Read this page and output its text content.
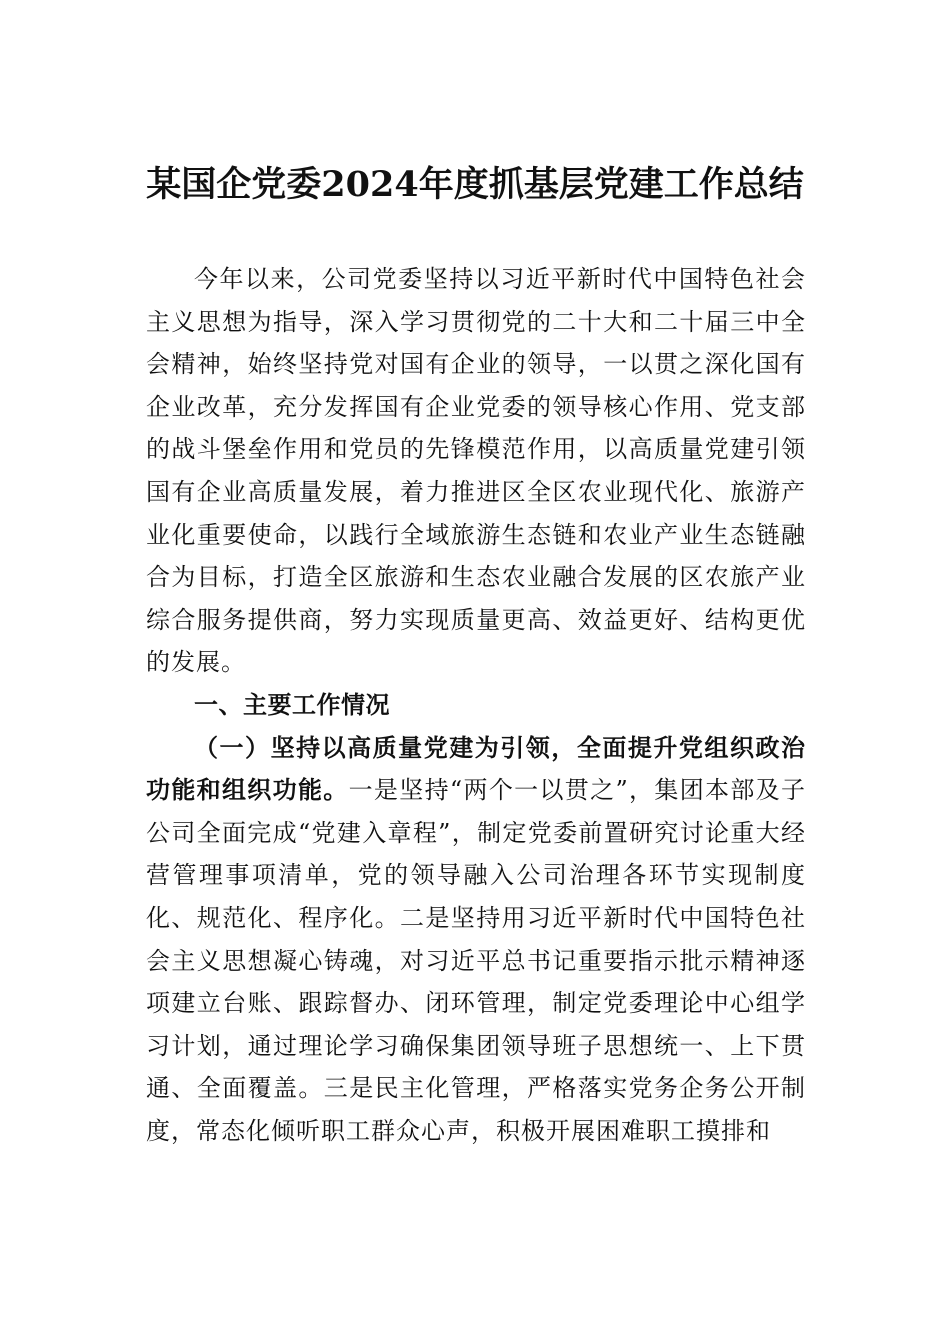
某国企党委2024年度抓基层党建工作总结

今年以来，公司党委坚持以习近平新时代中国特色社会主义思想为指导，深入学习贯彻党的二十大和二十届三中全会精神，始终坚持党对国有企业的领导，一以贯之深化国有企业改革，充分发挥国有企业党委的领导核心作用、党支部的战斗堡垒作用和党员的先锋模范作用，以高质量党建引领国有企业高质量发展，着力推进区全区农业现代化、旅游产业化重要使命，以践行全域旅游生态链和农业产业生态链融合为目标，打造全区旅游和生态农业融合发展的区农旅产业综合服务提供商，努力实现质量更高、效益更好、结构更优的发展。

一、主要工作情况

（一）坚持以高质量党建为引领，全面提升党组织政治功能和组织功能。一是坚持“两个一以贯之”，集团本部及子公司全面完成“党建入章程”，制定党委前置研究讨论重大经营管理事项清单，党的领导融入公司治理各环节实现制度化、规范化、程序化。二是坚持用习近平新时代中国特色社会主义思想凝心铸魂，对习近平总书记重要指示批示精神逐项建立台账、跟踪督办、闭环管理，制定党委理论中心组学习计划，通过理论学习确保集团领导班子思想统一、上下贯通、全面覆盖。三是民主化管理，严格落实党务企务公开制度，常态化倾听职工群众心声，积极开展困难职工摸排和
